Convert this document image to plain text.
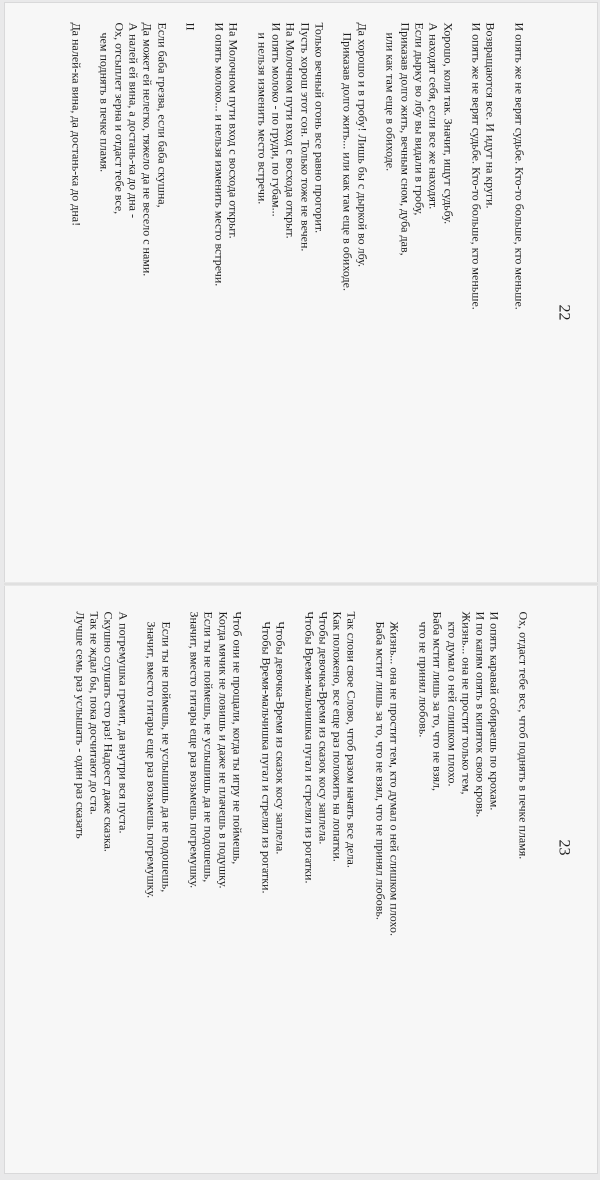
И опять же не верят судьбе. Кто-то больше, кто меньше.
Возвращаются все. И идут на круги.
И опять же не верят судьбе. Кто-то больше, кто меньше.
Хорошо, коли так. Значит, ищут судьбу.
А находят себя, если все же находят.
Если дырку во лбу вы видали в гробу,
Приказав долго жить, вечным сном, дуба дав,
или как там еще в обиходе.
Да хорошо и в гробу! Лишь бы с дыркой во лбу.
Приказав долго жить... или как там еще в обиходе.
Только вечный огонь все равно прогорит.
Пусть хорош этот сон. Только тоже не вечен.
На Молочном пути вход с восхода открыт.
И опять молоко - по груди, по губам...
и нельзя изменить место встречи.
На Молочном пути вход с восхода открыт.
И опять молоко... и нельзя изменить место встречи.
II
Если баба грезва, если баба скушна,
Да может ей нелегко, тяжело да не весело с нами.
А налей ей вина, а достань-ка до дна -
Ох, отсыплет зерна и отдаст тебе все,
чем поднять в печке пламя.
Да налей-ка вина, да достань-ка до дна!
22
Ох, отдаст тебе все, чтоб поднять в печке пламя.
И опять каравай собираешь по крохам.
И по капям опять в кипяток свою кровь.
Жизнь... она не простит только тем,
кто думал о ней слишком плохо.
Баба мстит лишь за то, что не взял,
что не принял любовь.
Жизнь... она не простит тем, кто думал о ней слишком плохо.
Баба мстит лишь за то, что не взял, что не принял любовь.
Так слови свое Слово, чтоб разом начать все дела.
Как положено, все еще раз положить на лопатки.
Чтобы девочка-Время из сказок косу заплела.
Чтобы Время-мальчишка пугал и стрелял из рогатки.
Чтобы девочка-Время из сказок косу заплела.
Чтобы Время-мальчишка пугал и стрелял из рогатки.
Чтоб они не прощали, когда ты игру не поймешь,
Когда мячик не ловишь и даже не плачешь в подушку.
Если ты не поймешь, не услышишь да не подошешь,
Значит, вместо гитары еще раз возьмешь погремушку.
Если ты не поймешь, не услышишь да не подошешь,
Значит, вместо гитары еще раз возьмешь погремушку.
А погремушка гремит, да внутри вся пуста.
Скушно слушать сто раз! Надоест даже сказка.
Так не ждал бы, пока досчитают до ста.
Лучше семь раз услышать - один раз сказать
23
